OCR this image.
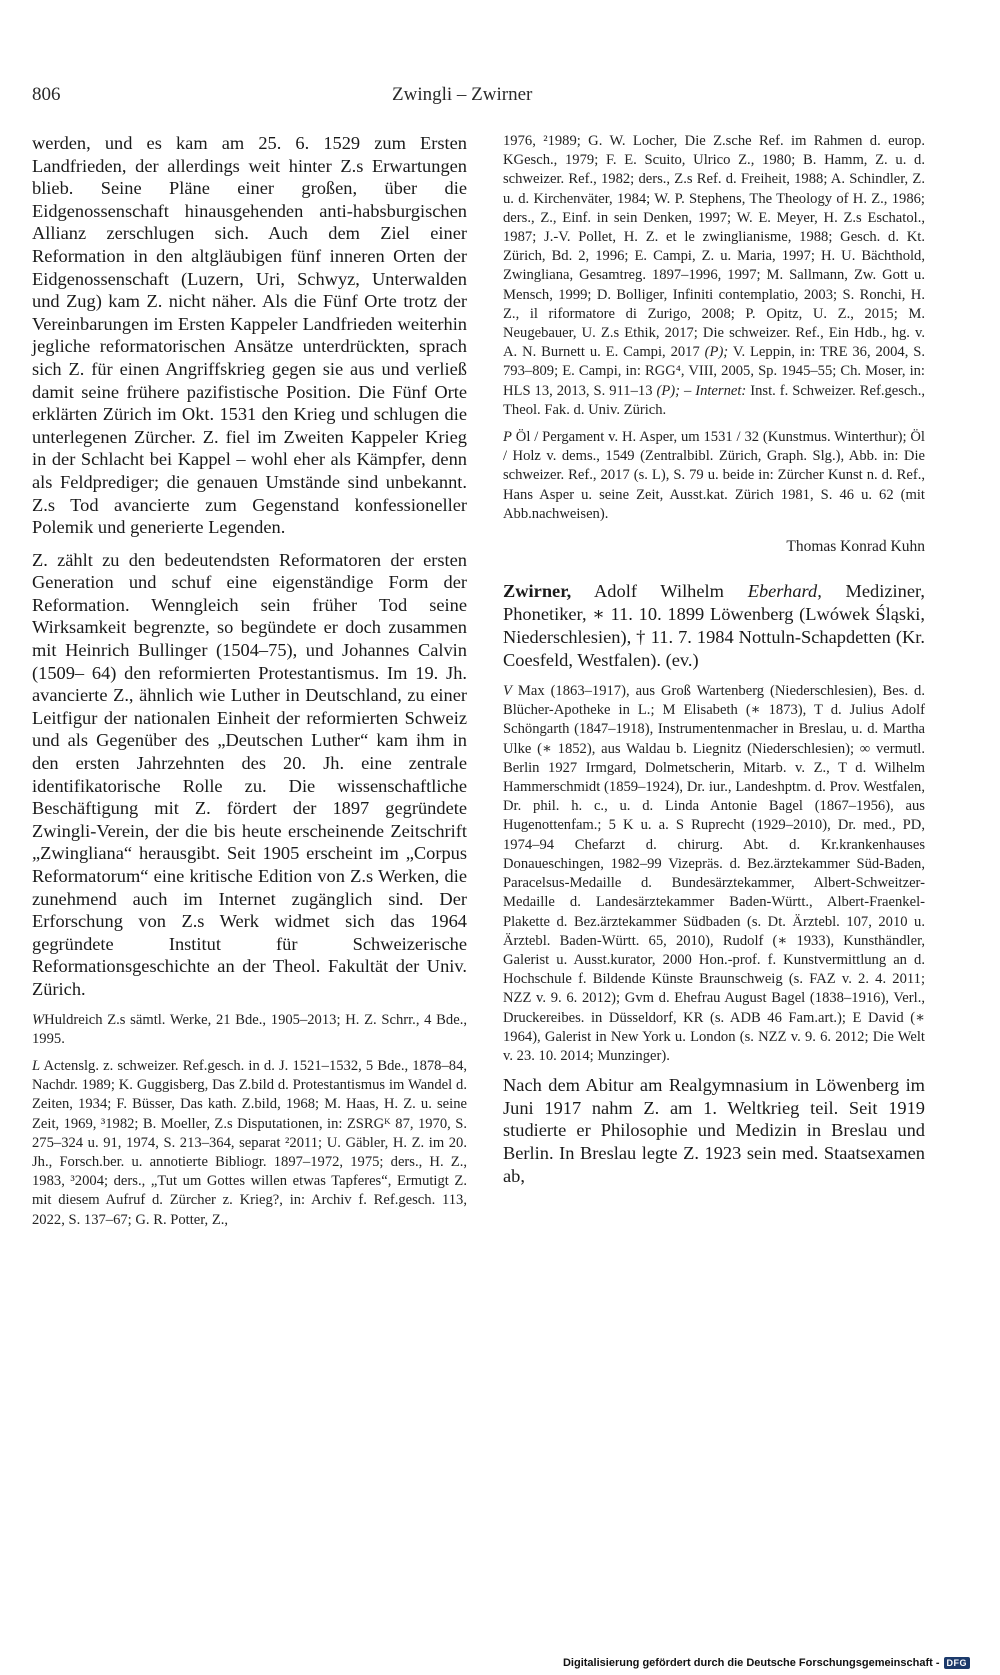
806	Zwingli – Zwirner

werden, und es kam am 25. 6. 1529 zum Ersten Landfrieden, der allerdings weit hinter Z.s Erwartungen blieb. Seine Pläne einer großen, über die Eidgenossenschaft hinausgehenden anti-habsburgischen Allianz zerschlugen sich. Auch dem Ziel einer Reformation in den altgläubigen fünf inneren Orten der Eidgenossenschaft (Luzern, Uri, Schwyz, Unterwalden und Zug) kam Z. nicht näher. Als die Fünf Orte trotz der Vereinbarungen im Ersten Kappeler Landfrieden weiterhin jegliche reformatorischen Ansätze unterdrückten, sprach sich Z. für einen Angriffskrieg gegen sie aus und verließ damit seine frühere pazifistische Position. Die Fünf Orte erklärten Zürich im Okt. 1531 den Krieg und schlugen die unterlegenen Zürcher. Z. fiel im Zweiten Kappeler Krieg in der Schlacht bei Kappel – wohl eher als Kämpfer, denn als Feldprediger; die genauen Umstände sind unbekannt. Z.s Tod avancierte zum Gegenstand konfessioneller Polemik und generierte Legenden.

Z. zählt zu den bedeutendsten Reformatoren der ersten Generation und schuf eine eigenständige Form der Reformation. Wenngleich sein früher Tod seine Wirksamkeit begrenzte, so begündete er doch zusammen mit Heinrich Bullinger (1504–75), und Johannes Calvin (1509– 64) den reformierten Protestantismus. Im 19. Jh. avancierte Z., ähnlich wie Luther in Deutschland, zu einer Leitfigur der nationalen Einheit der reformierten Schweiz und als Gegenüber des „Deutschen Luther“ kam ihm in den ersten Jahrzehnten des 20. Jh. eine zentrale identifikatorische Rolle zu. Die wissenschaftliche Beschäftigung mit Z. fördert der 1897 gegründete Zwingli-Verein, der die bis heute erscheinende Zeitschrift „Zwingliana“ herausgibt. Seit 1905 erscheint im „Corpus Reformatorum“ eine kritische Edition von Z.s Werken, die zunehmend auch im Internet zugänglich sind. Der Erforschung von Z.s Werk widmet sich das 1964 gegründete Institut für Schweizerische Reformationsgeschichte an der Theol. Fakultät der Univ. Zürich.

WHuldreich Z.s sämtl. Werke, 21 Bde., 1905–2013; H. Z. Schrr., 4 Bde., 1995.

L Actenslg. z. schweizer. Ref.gesch. in d. J. 1521–1532, 5 Bde., 1878–84, Nachdr. 1989; K. Guggisberg, Das Z.bild d. Protestantismus im Wandel d. Zeiten, 1934; F. Büsser, Das kath. Z.bild, 1968; M. Haas, H. Z. u. seine Zeit, 1969, ³1982; B. Moeller, Z.s Disputationen, in: ZSRGᴷ 87, 1970, S. 275–324 u. 91, 1974, S. 213–364, separat ²2011; U. Gäbler, H. Z. im 20. Jh., Forsch.ber. u. annotierte Bibliogr. 1897–1972, 1975; ders., H. Z., 1983, ³2004; ders., „Tut um Gottes willen etwas Tapferes“, Ermutigt Z. mit diesem Aufruf d. Zürcher z. Krieg?, in: Archiv f. Ref.gesch. 113, 2022, S. 137–67; G. R. Potter, Z.,

1976, ²1989; G. W. Locher, Die Z.sche Ref. im Rahmen d. europ. KGesch., 1979; F. E. Scuito, Ulrico Z., 1980; B. Hamm, Z. u. d. schweizer. Ref., 1982; ders., Z.s Ref. d. Freiheit, 1988; A. Schindler, Z. u. d. Kirchenväter, 1984; W. P. Stephens, The Theology of H. Z., 1986; ders., Z., Einf. in sein Denken, 1997; W. E. Meyer, H. Z.s Eschatol., 1987; J.-V. Pollet, H. Z. et le zwinglianisme, 1988; Gesch. d. Kt. Zürich, Bd. 2, 1996; E. Campi, Z. u. Maria, 1997; H. U. Bächthold, Zwingliana, Gesamtreg. 1897–1996, 1997; M. Sallmann, Zw. Gott u. Mensch, 1999; D. Bolliger, Infiniti contemplatio, 2003; S. Ronchi, H. Z., il riformatore di Zurigo, 2008; P. Opitz, U. Z., 2015; M. Neugebauer, U. Z.s Ethik, 2017; Die schweizer. Ref., Ein Hdb., hg. v. A. N. Burnett u. E. Campi, 2017 (P); V. Leppin, in: TRE 36, 2004, S. 793–809; E. Campi, in: RGG⁴, VIII, 2005, Sp. 1945–55; Ch. Moser, in: HLS 13, 2013, S. 911–13 (P); – Internet: Inst. f. Schweizer. Ref.gesch., Theol. Fak. d. Univ. Zürich.

P Öl / Pergament v. H. Asper, um 1531 / 32 (Kunstmus. Winterthur); Öl / Holz v. dems., 1549 (Zentralbibl. Zürich, Graph. Slg.), Abb. in: Die schweizer. Ref., 2017 (s. L), S. 79 u. beide in: Zürcher Kunst n. d. Ref., Hans Asper u. seine Zeit, Ausst.kat. Zürich 1981, S. 46 u. 62 (mit Abb.nachweisen).

Thomas Konrad Kuhn

Zwirner, Adolf Wilhelm Eberhard, Mediziner, Phonetiker, ∗ 11. 10. 1899 Löwenberg (Lwówek Śląski, Niederschlesien), † 11. 7. 1984 Nottuln-Schapdetten (Kr. Coesfeld, Westfalen). (ev.)

V Max (1863–1917), aus Groß Wartenberg (Niederschlesien), Bes. d. Blücher-Apotheke in L.; M Elisabeth (∗ 1873), T d. Julius Adolf Schöngarth (1847–1918), Instrumentenmacher in Breslau, u. d. Martha Ulke (∗ 1852), aus Waldau b. Liegnitz (Niederschlesien); ∞ vermutl. Berlin 1927 Irmgard, Dolmetscherin, Mitarb. v. Z., T d. Wilhelm Hammerschmidt (1859–1924), Dr. iur., Landeshptm. d. Prov. Westfalen, Dr. phil. h. c., u. d. Linda Antonie Bagel (1867–1956), aus Hugenottenfam.; 5 K u. a. S Ruprecht (1929–2010), Dr. med., PD, 1974–94 Chefarzt d. chirurg. Abt. d. Kr.krankenhauses Donaueschingen, 1982–99 Vizepräs. d. Bez.ärztekammer Süd-Baden, Paracelsus-Medaille d. Bundesärztekammer, Albert-Schweitzer-Medaille d. Landesärztekammer Baden-Württ., Albert-Fraenkel-Plakette d. Bez.ärztekammer Südbaden (s. Dt. Ärztebl. 107, 2010 u. Ärztebl. Baden-Württ. 65, 2010), Rudolf (∗ 1933), Kunsthändler, Galerist u. Ausst.kurator, 2000 Hon.-prof. f. Kunstvermittlung an d. Hochschule f. Bildende Künste Braunschweig (s. FAZ v. 2. 4. 2011; NZZ v. 9. 6. 2012); Gvm d. Ehefrau August Bagel (1838–1916), Verl., Druckereibes. in Düsseldorf, KR (s. ADB 46 Fam.art.); E David (∗ 1964), Galerist in New York u. London (s. NZZ v. 9. 6. 2012; Die Welt v. 23. 10. 2014; Munzinger).

Nach dem Abitur am Realgymnasium in Löwenberg im Juni 1917 nahm Z. am 1. Weltkrieg teil. Seit 1919 studierte er Philosophie und Medizin in Breslau und Berlin. In Breslau legte Z. 1923 sein med. Staatsexamen ab,

Digitalisierung gefördert durch die Deutsche Forschungsgemeinschaft - DFG
